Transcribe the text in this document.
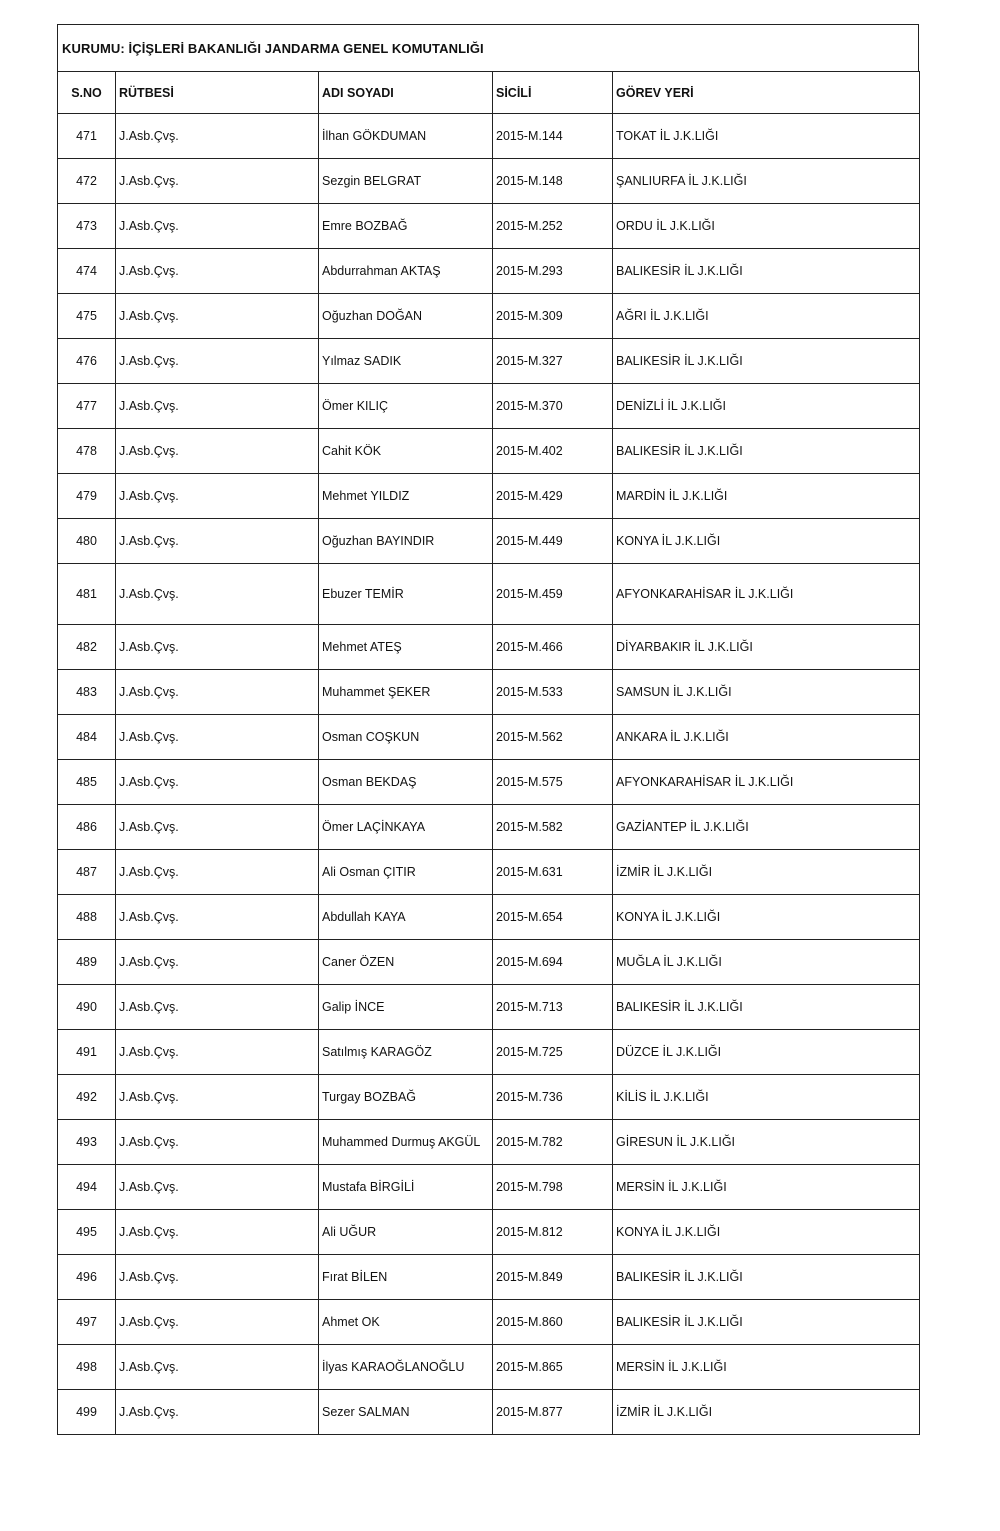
KURUMU: İÇİŞLERİ BAKANLIĞI JANDARMA GENEL KOMUTANLIĞI
S.NO	RÜTBESİ	ADI SOYADI	SİCİLİ	GÖREV YERİ
471	J.Asb.Çvş.	İlhan GÖKDUMAN	2015-M.144	TOKAT İL J.K.LIĞI
472	J.Asb.Çvş.	Sezgin BELGRAT	2015-M.148	ŞANLIURFA İL J.K.LIĞI
473	J.Asb.Çvş.	Emre BOZBAĞ	2015-M.252	ORDU İL J.K.LIĞI
474	J.Asb.Çvş.	Abdurrahman AKTAŞ	2015-M.293	BALIKESİR İL J.K.LIĞI
475	J.Asb.Çvş.	Oğuzhan DOĞAN	2015-M.309	AĞRI İL J.K.LIĞI
476	J.Asb.Çvş.	Yılmaz SADIK	2015-M.327	BALIKESİR İL J.K.LIĞI
477	J.Asb.Çvş.	Ömer KILIÇ	2015-M.370	DENİZLİ İL J.K.LIĞI
478	J.Asb.Çvş.	Cahit KÖK	2015-M.402	BALIKESİR İL J.K.LIĞI
479	J.Asb.Çvş.	Mehmet YILDIZ	2015-M.429	MARDİN İL J.K.LIĞI
480	J.Asb.Çvş.	Oğuzhan BAYINDIR	2015-M.449	KONYA İL J.K.LIĞI
481	J.Asb.Çvş.	Ebuzer TEMİR	2015-M.459	AFYONKARAHİSAR İL J.K.LIĞI
482	J.Asb.Çvş.	Mehmet ATEŞ	2015-M.466	DİYARBAKIR İL J.K.LIĞI
483	J.Asb.Çvş.	Muhammet ŞEKER	2015-M.533	SAMSUN İL J.K.LIĞI
484	J.Asb.Çvş.	Osman COŞKUN	2015-M.562	ANKARA İL J.K.LIĞI
485	J.Asb.Çvş.	Osman BEKDAŞ	2015-M.575	AFYONKARAHİSAR İL J.K.LIĞI
486	J.Asb.Çvş.	Ömer LAÇİNKAYA	2015-M.582	GAZİANTEP İL J.K.LIĞI
487	J.Asb.Çvş.	Ali Osman ÇITIR	2015-M.631	İZMİR İL J.K.LIĞI
488	J.Asb.Çvş.	Abdullah KAYA	2015-M.654	KONYA İL J.K.LIĞI
489	J.Asb.Çvş.	Caner ÖZEN	2015-M.694	MUĞLA İL J.K.LIĞI
490	J.Asb.Çvş.	Galip İNCE	2015-M.713	BALIKESİR İL J.K.LIĞI
491	J.Asb.Çvş.	Satılmış KARAGÖZ	2015-M.725	DÜZCE İL J.K.LIĞI
492	J.Asb.Çvş.	Turgay BOZBAĞ	2015-M.736	KİLİS İL J.K.LIĞI
493	J.Asb.Çvş.	Muhammed Durmuş AKGÜL	2015-M.782	GİRESUN İL J.K.LIĞI
494	J.Asb.Çvş.	Mustafa BİRGİLİ	2015-M.798	MERSİN İL J.K.LIĞI
495	J.Asb.Çvş.	Ali UĞUR	2015-M.812	KONYA İL J.K.LIĞI
496	J.Asb.Çvş.	Fırat BİLEN	2015-M.849	BALIKESİR İL J.K.LIĞI
497	J.Asb.Çvş.	Ahmet OK	2015-M.860	BALIKESİR İL J.K.LIĞI
498	J.Asb.Çvş.	İlyas KARAOĞLANOĞLU	2015-M.865	MERSİN İL J.K.LIĞI
499	J.Asb.Çvş.	Sezer SALMAN	2015-M.877	İZMİR İL J.K.LIĞI
